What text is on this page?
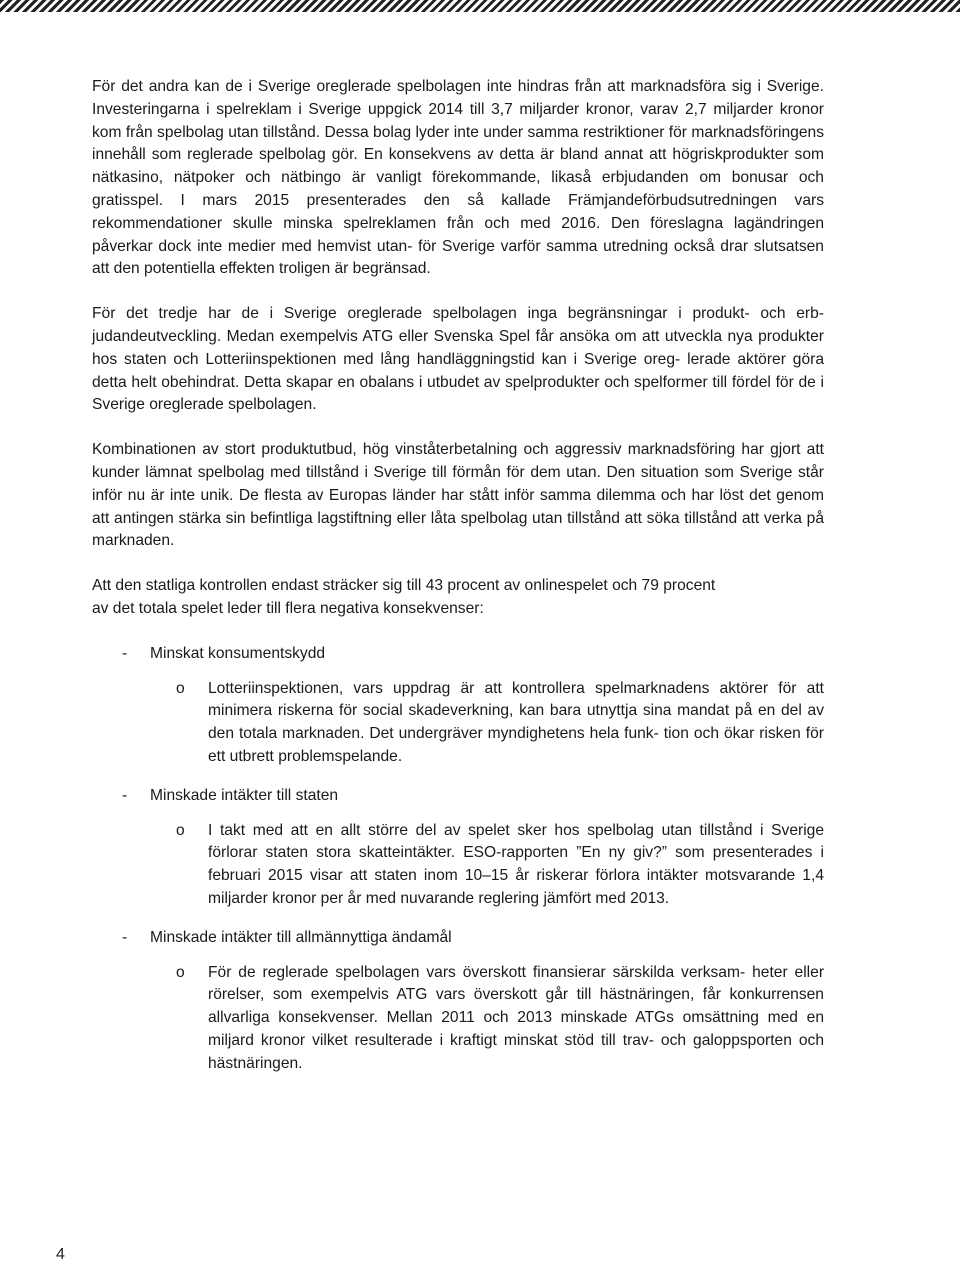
För det andra kan de i Sverige oreglerade spelbolagen inte hindras från att marknadsföra sig i Sverige. Investeringarna i spelreklam i Sverige uppgick 2014 till 3,7 miljarder kronor, varav 2,7 miljarder kronor kom från spelbolag utan tillstånd. Dessa bolag lyder inte under samma restriktioner för marknadsföringens innehåll som reglerade spelbolag gör. En konsekvens av detta är bland annat att högriskprodukter som nätkasino, nätpoker och nätbingo är vanligt förekommande, likaså erbjudanden om bonusar och gratisspel. I mars 2015 presenterades den så kallade Främjandeförbudsutredningen vars rekommendationer skulle minska spelreklamen från och med 2016. Den föreslagna lagändringen påverkar dock inte medier med hemvist utan- för Sverige varför samma utredning också drar slutsatsen att den potentiella effekten troligen är begränsad.

För det tredje har de i Sverige oreglerade spelbolagen inga begränsningar i produkt- och erb- judandeutveckling. Medan exempelvis ATG eller Svenska Spel får ansöka om att utveckla nya produkter hos staten och Lotteriinspektionen med lång handläggningstid kan i Sverige oreg- lerade aktörer göra detta helt obehindrat. Detta skapar en obalans i utbudet av spelprodukter och spelformer till fördel för de i Sverige oreglerade spelbolagen.

Kombinationen av stort produktutbud, hög vinståterbetalning och aggressiv marknadsföring har gjort att kunder lämnat spelbolag med tillstånd i Sverige till förmån för dem utan. Den situation som Sverige står inför nu är inte unik. De flesta av Europas länder har stått inför samma dilemma och har löst det genom att antingen stärka sin befintliga lagstiftning eller låta spelbolag utan tillstånd att söka tillstånd att verka på marknaden.

Att den statliga kontrollen endast sträcker sig till 43 procent av onlinespelet och 79 procent
av det totala spelet leder till flera negativa konsekvenser:

-	Minskat konsumentskydd
o	Lotteriinspektionen, vars uppdrag är att kontrollera spelmarknadens aktörer för att minimera riskerna för social skadeverkning, kan bara utnyttja sina mandat på en del av den totala marknaden. Det undergräver myndighetens hela funk- tion och ökar risken för ett utbrett problemspelande.
-	Minskade intäkter till staten
o	I takt med att en allt större del av spelet sker hos spelbolag utan tillstånd i Sverige förlorar staten stora skatteintäkter. ESO-rapporten ”En ny giv?” som presenterades i februari 2015 visar att staten inom 10–15 år riskerar förlora intäkter motsvarande 1,4 miljarder kronor per år med nuvarande reglering jämfört med 2013.
-	Minskade intäkter till allmännyttiga ändamål
o	För de reglerade spelbolagen vars överskott finansierar särskilda verksam- heter eller rörelser, som exempelvis ATG vars överskott går till hästnäringen, får konkurrensen allvarliga konsekvenser. Mellan 2011 och 2013 minskade ATGs omsättning med en miljard kronor vilket resulterade i kraftigt minskat stöd till trav- och galoppsporten och hästnäringen.
4
